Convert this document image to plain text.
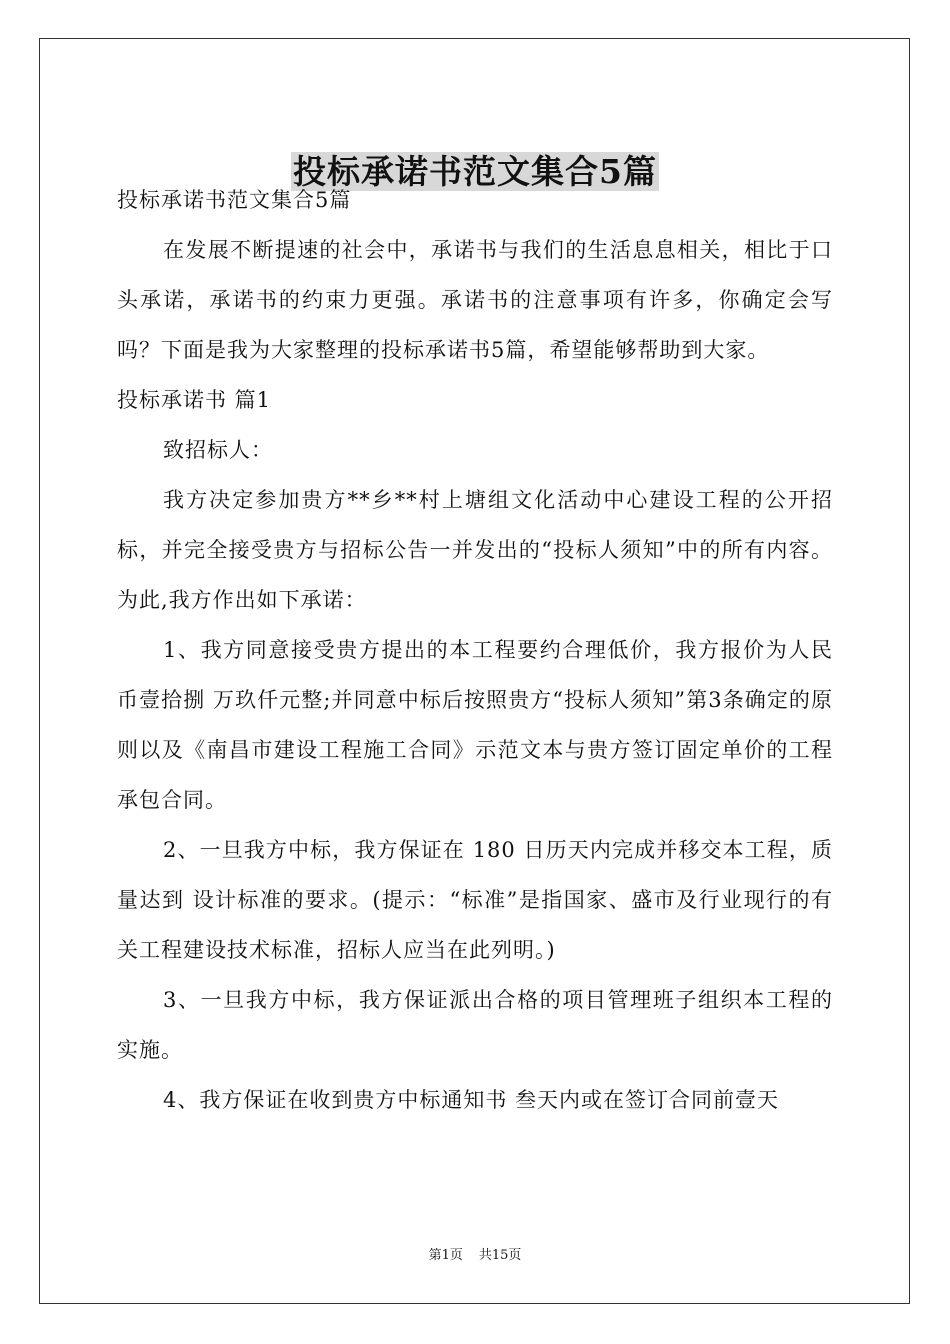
投标承诺书范文集合5篇

投标承诺书范文集合5篇

在发展不断提速的社会中，承诺书与我们的生活息息相关，相比于口头承诺，承诺书的约束力更强。承诺书的注意事项有许多，你确定会写吗？下面是我为大家整理的投标承诺书5篇，希望能够帮助到大家。

投标承诺书 篇1

致招标人：

我方决定参加贵方**乡**村上塘组文化活动中心建设工程的公开招标，并完全接受贵方与招标公告一并发出的“投标人须知”中的所有内容。为此,我方作出如下承诺：

1、我方同意接受贵方提出的本工程要约合理低价，我方报价为人民币壹拾捌 万玖仟元整;并同意中标后按照贵方“投标人须知”第3条确定的原则以及《南昌市建设工程施工合同》示范文本与贵方签订固定单价的工程承包合同。

2、一旦我方中标，我方保证在 180 日历天内完成并移交本工程，质量达到 设计标准的要求。(提示：“标准”是指国家、盛市及行业现行的有关工程建设技术标准，招标人应当在此列明。)

3、一旦我方中标，我方保证派出合格的项目管理班子组织本工程的实施。

4、我方保证在收到贵方中标通知书 叁天内或在签订合同前壹天

第1页 共15页
